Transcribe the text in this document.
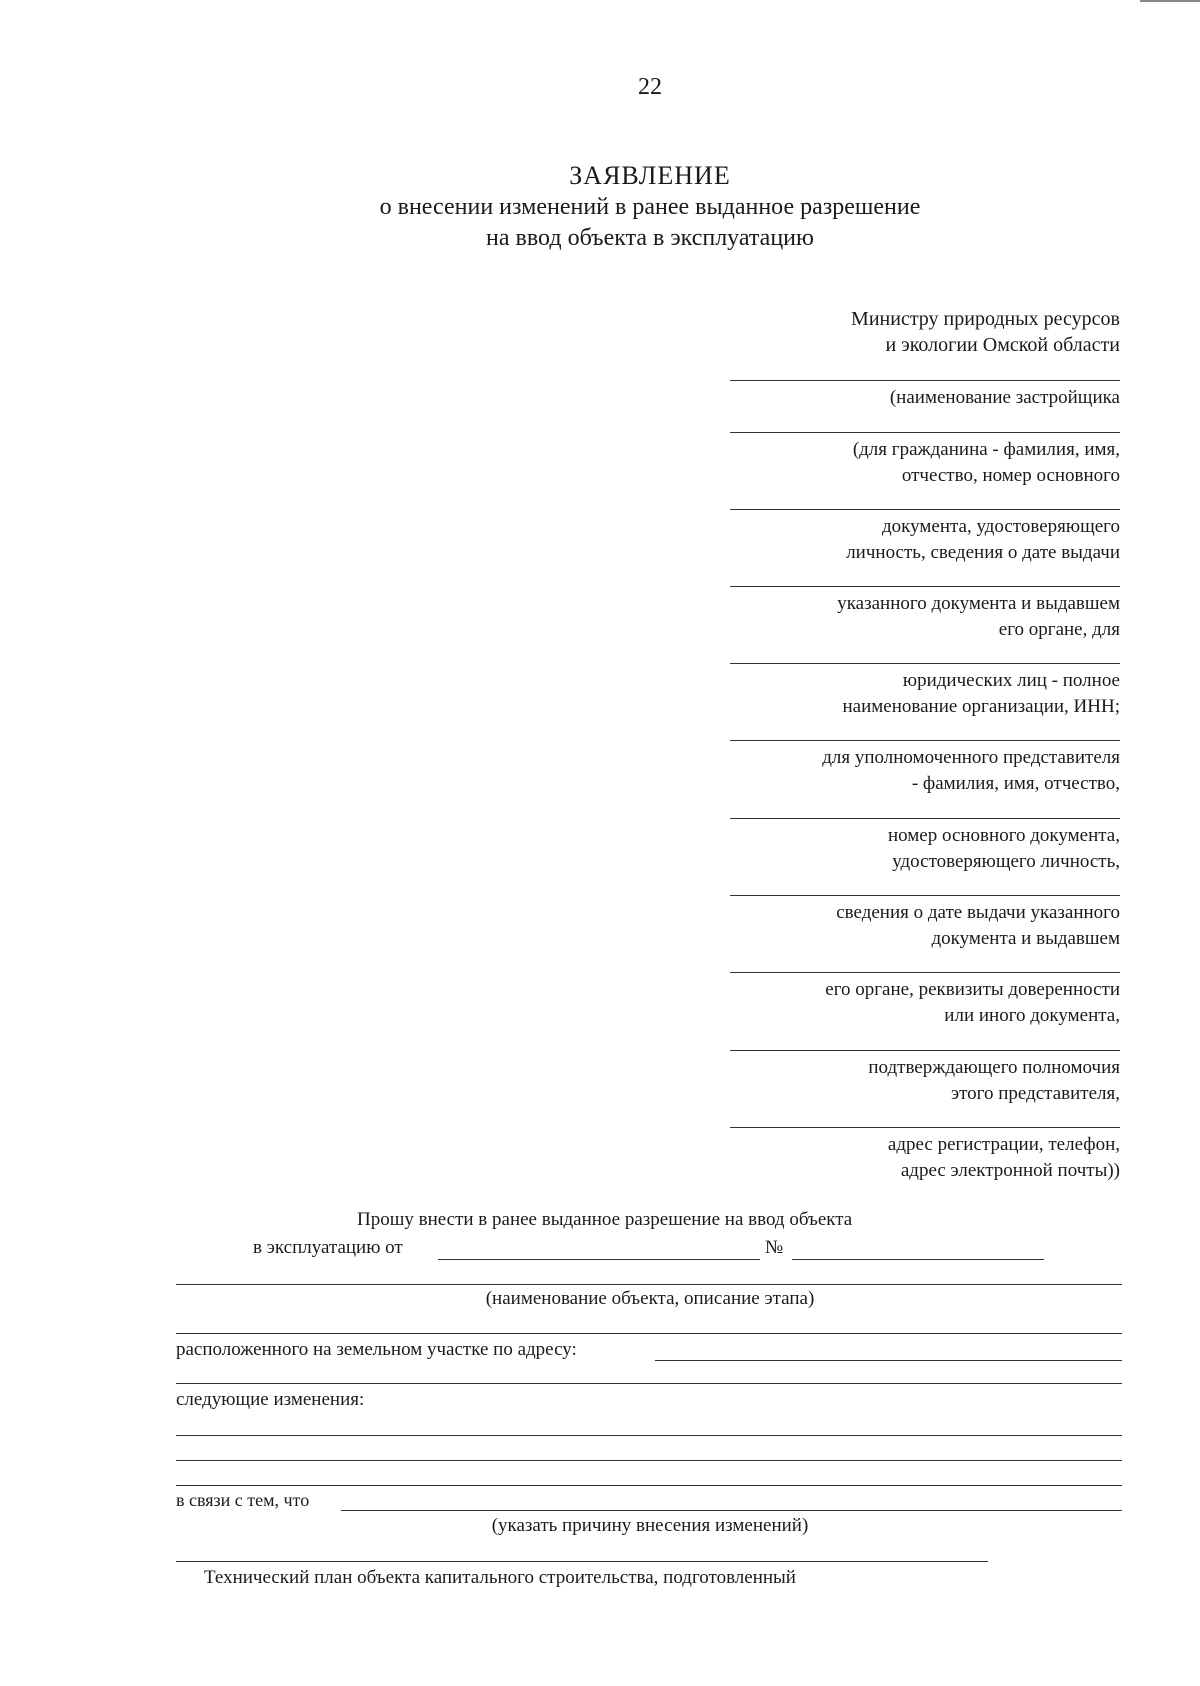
22
ЗАЯВЛЕНИЕ
о внесении изменений в ранее выданное разрешение
на ввод объекта в эксплуатацию
Министру природных ресурсов
и экологии Омской области
(наименование застройщика
(для гражданина - фамилия, имя,
отчество, номер основного
документа, удостоверяющего
личность, сведения о дате выдачи
указанного документа и выдавшем
его органе, для
юридических лиц - полное
наименование организации, ИНН;
для уполномоченного представителя
- фамилия, имя, отчество,
номер основного документа,
удостоверяющего личность,
сведения о дате выдачи указанного
документа и выдавшем
его органе, реквизиты доверенности
или иного документа,
подтверждающего полномочия
этого представителя,
адрес регистрации, телефон,
адрес электронной почты))
Прошу внести в ранее выданное разрешение на ввод объекта
в эксплуатацию от	№
(наименование объекта, описание этапа)
расположенного на земельном участке по адресу:
следующие изменения:
в связи с тем, что
(указать причину внесения изменений)
Технический план объекта капитального строительства, подготовленный
